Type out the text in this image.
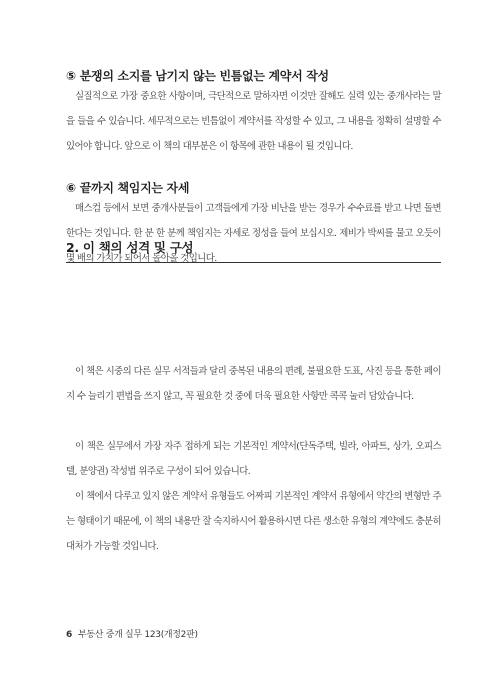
⑤ 분쟁의 소지를 남기지 않는 빈틈없는 계약서 작성
실질적으로 가장 중요한 사항이며, 극단적으로 말하자면 이것만 잘해도 실력 있는 중개사라는 말을 들을 수 있습니다. 세무적으로는 빈틈없이 계약서를 작성할 수 있고, 그 내용을 정확히 설명할 수 있어야 합니다. 앞으로 이 책의 대부분은 이 항목에 관한 내용이 될 것입니다.
⑥ 끝까지 책임지는 자세
매스컴 등에서 보면 중개사분들이 고객들에게 가장 비난을 받는 경우가 수수료를 받고 나면 돌변한다는 것입니다. 한 분 한 분께 책임지는 자세로 정성을 들여 보십시오. 제비가 박씨를 물고 오듯이 몇 배의 가치가 되어서 돌아올 것입니다.
2. 이 책의 성격 및 구성
이 책은 시중의 다른 실무 서적들과 달리 중복된 내용의 편례, 불필요한 도표, 사진 등을 통한 페이지 수 늘리기 편법을 쓰지 않고, 꼭 필요한 것 중에 더욱 필요한 사항만 콕콕 눌러 담았습니다.
이 책은 실무에서 가장 자주 접하게 되는 기본적인 계약서(단독주택, 빌라, 아파트, 상가, 오피스텔, 분양권) 작성법 위주로 구성이 되어 있습니다.
이 책에서 다루고 있지 않은 계약서 유형들도 어짜피 기본적인 계약서 유형에서 약간의 변형만 주는 형태이기 때문에, 이 책의 내용만 잘 숙지하시어 활용하시면 다른 생소한 유형의 계약에도 충분히 대처가 가능할 것입니다.
6 부동산 중개 실무 123(개정2판)
